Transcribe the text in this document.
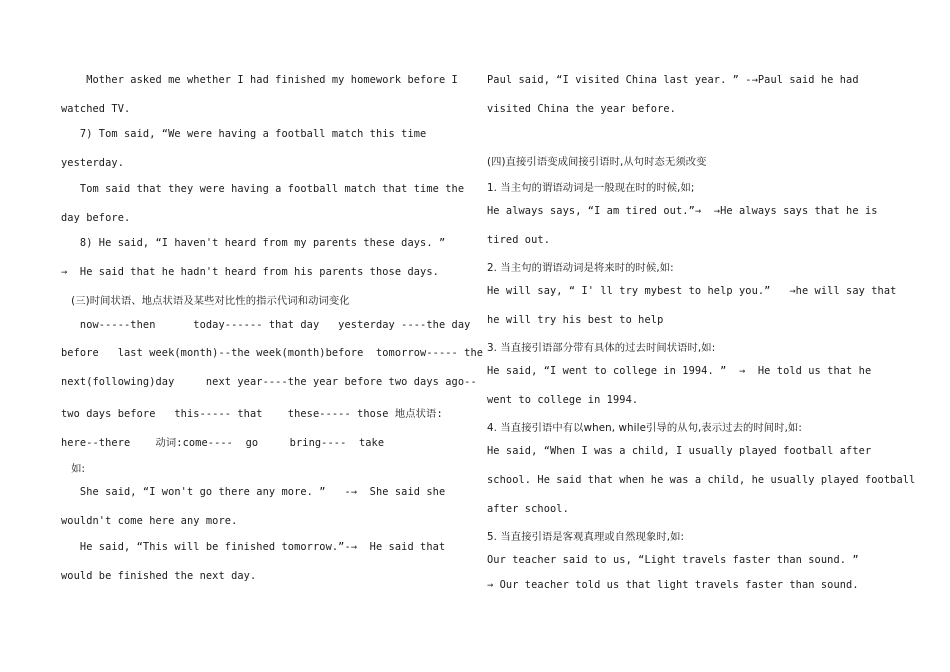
Mother asked me whether I had finished my homework before I

watched TV.

7) Tom said, “We were having a football match this time

yesterday.

Tom said that they were having a football match that time the

day before.

8) He said, “I haven't heard from my parents these days. ”

→  He said that he hadn't heard from his parents those days.

(三)时间状语、地点状语及某些对比性的指示代词和动词变化

now-----then      today------ that day   yesterday ----the day

before   last week(month)--the week(month)before  tomorrow----- the

next(following)day     next year----the year before two days ago--

two days before   this----- that    these----- those 地点状语:

here--there    动词:come----  go     bring----  take

如:

She said, “I won't go there any more. ”   -→  She said she

wouldn't come here any more.

He said, “This will be finished tomorrow.”-→  He said that

would be finished the next day.

Paul said, “I visited China last year. ” -→Paul said he had

visited China the year before.

(四)直接引语变成间接引语时,从句时态无须改变

1. 当主句的谓语动词是一般现在时的时候,如;

He always says, “I am tired out.”→  →He always says that he is

tired out.

2. 当主句的谓语动词是将来时的时候,如:

He will say, “ I' ll try mybest to help you.”   →he will say that

he will try his best to help

3. 当直接引语部分带有具体的过去时间状语时,如:

He said, “I went to college in 1994. ”  →  He told us that he

went to college in 1994.

4. 当直接引语中有以when, while引导的从句,表示过去的时间时,如:

He said, “When I was a child, I usually played football after

school. He said that when he was a child, he usually played football

after school.

5. 当直接引语是客观真理或自然现象时,如:

Our teacher said to us, “Light travels faster than sound. ”

→ Our teacher told us that light travels faster than sound.
